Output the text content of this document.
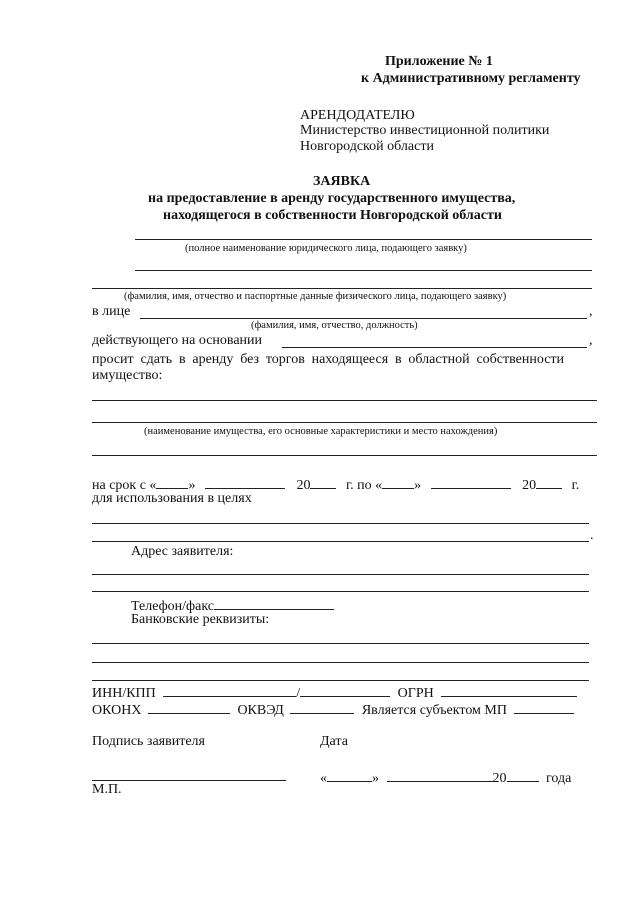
Приложение № 1
к Административному регламенту
АРЕНДОДАТЕЛЮ
Министерство инвестиционной политики
Новгородской области
ЗАЯВКА
на предоставление в аренду государственного имущества,
находящегося в собственности Новгородской области
(полное наименование юридического лица, подающего заявку)
(фамилия, имя, отчество и паспортные данные физического лица, подающего заявку)
в лице	,
(фамилия, имя, отчество, должность)
действующего на основании	,
просит сдать в аренду без торгов находящееся в областной собственности
имущество:
(наименование имущества, его основные характеристики и место нахождения)
на срок с « »	20	г. по « »	20	г.
для использования в целях
.
Адрес заявителя:
Телефон/факс
Банковские реквизиты:
ИНН/КПП	/	ОГРН
ОКОНХ	ОКВЭД	Является субъектом МП
Подпись заявителя	Дата
«	»	20	года
М.П.
